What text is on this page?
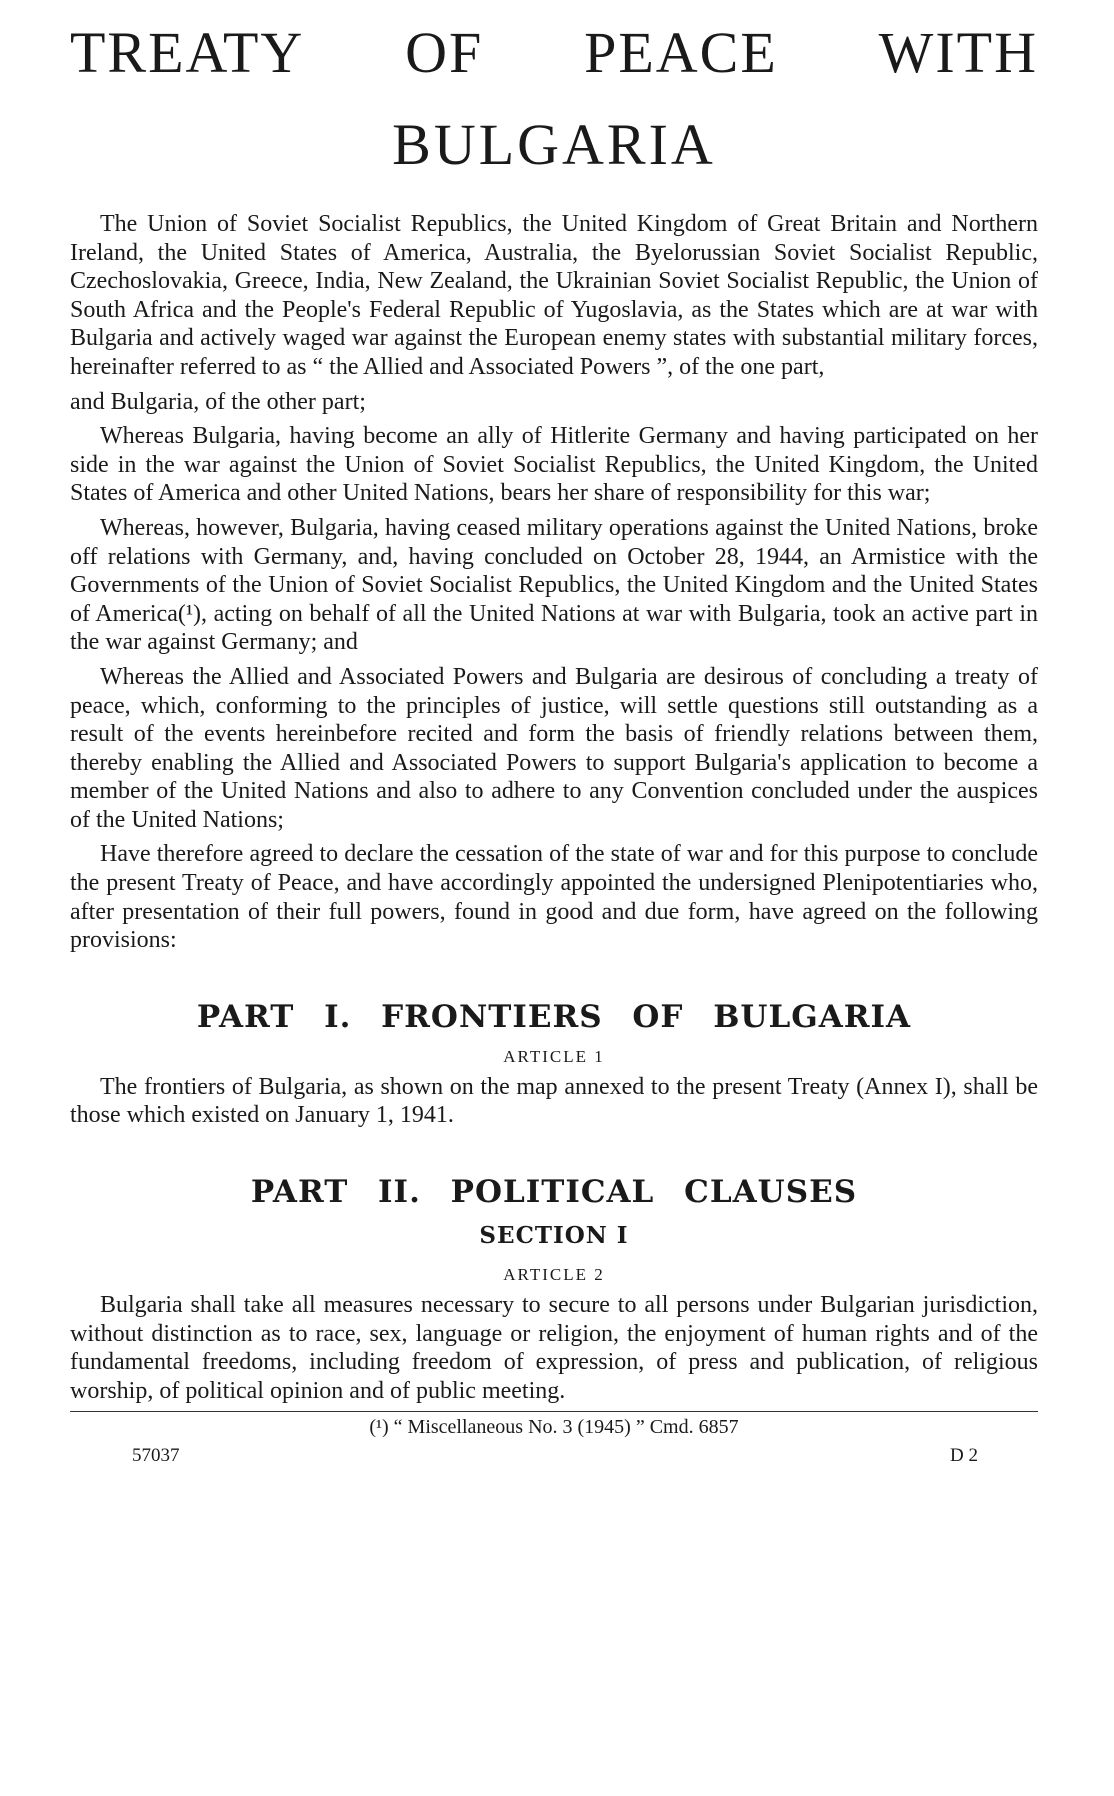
TREATY OF PEACE WITH
BULGARIA

The Union of Soviet Socialist Republics, the United Kingdom of Great Britain and Northern Ireland, the United States of America, Australia, the Byelorussian Soviet Socialist Republic, Czechoslovakia, Greece, India, New Zealand, the Ukrainian Soviet Socialist Republic, the Union of South Africa and the People's Federal Republic of Yugoslavia, as the States which are at war with Bulgaria and actively waged war against the European enemy states with substantial military forces, hereinafter referred to as “ the Allied and Associated Powers ”, of the one part,

and Bulgaria, of the other part;

Whereas Bulgaria, having become an ally of Hitlerite Germany and having participated on her side in the war against the Union of Soviet Socialist Republics, the United Kingdom, the United States of America and other United Nations, bears her share of responsibility for this war;

Whereas, however, Bulgaria, having ceased military operations against the United Nations, broke off relations with Germany, and, having concluded on October 28, 1944, an Armistice with the Governments of the Union of Soviet Socialist Republics, the United Kingdom and the United States of America(¹), acting on behalf of all the United Nations at war with Bulgaria, took an active part in the war against Germany; and

Whereas the Allied and Associated Powers and Bulgaria are desirous of concluding a treaty of peace, which, conforming to the principles of justice, will settle questions still outstanding as a result of the events hereinbefore recited and form the basis of friendly relations between them, thereby enabling the Allied and Associated Powers to support Bulgaria's application to become a member of the United Nations and also to adhere to any Convention concluded under the auspices of the United Nations;

Have therefore agreed to declare the cessation of the state of war and for this purpose to conclude the present Treaty of Peace, and have accordingly appointed the undersigned Plenipotentiaries who, after presentation of their full powers, found in good and due form, have agreed on the following provisions:

PART I. FRONTIERS OF BULGARIA
ARTICLE 1

The frontiers of Bulgaria, as shown on the map annexed to the present Treaty (Annex I), shall be those which existed on January 1, 1941.

PART II. POLITICAL CLAUSES
SECTION I
ARTICLE 2

Bulgaria shall take all measures necessary to secure to all persons under Bulgarian jurisdiction, without distinction as to race, sex, language or religion, the enjoyment of human rights and of the fundamental freedoms, including freedom of expression, of press and publication, of religious worship, of political opinion and of public meeting.

(¹) “ Miscellaneous No. 3 (1945) ” Cmd. 6857

57037	D 2
